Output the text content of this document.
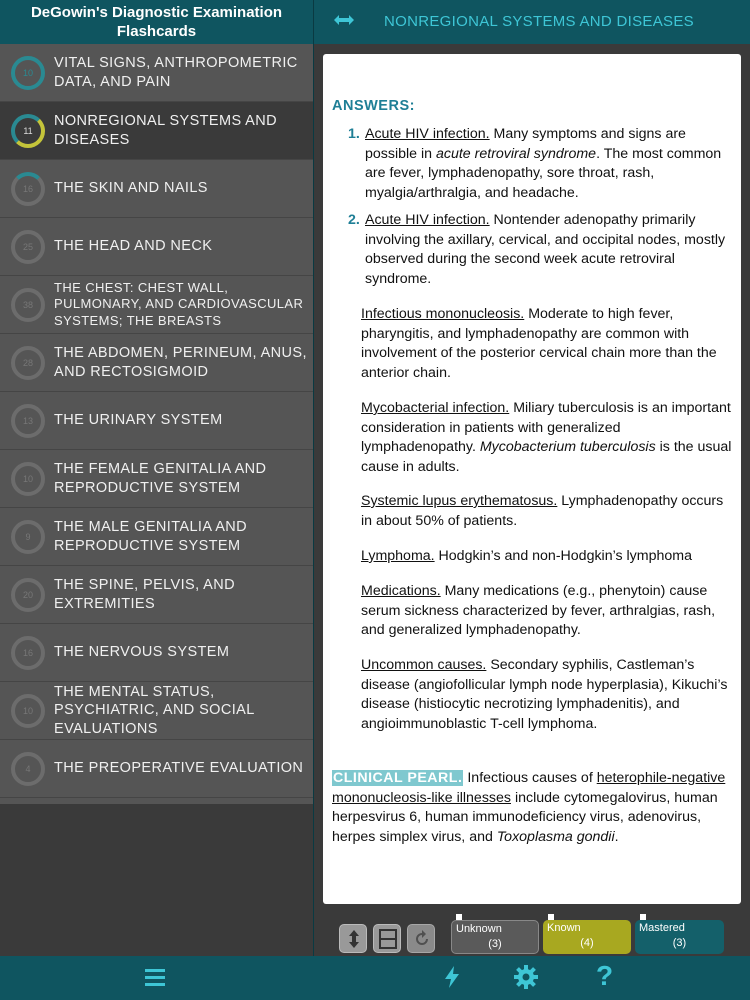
DeGowin's Diagnostic Examination Flashcards
NONREGIONAL SYSTEMS AND DISEASES
10
VITAL SIGNS, ANTHROPOMETRIC DATA, AND PAIN
11
NONREGIONAL SYSTEMS AND DISEASES
16 THE SKIN AND NAILS
25 THE HEAD AND NECK
38
THE CHEST: CHEST WALL, PULMONARY, AND CARDIOVASCULAR SYSTEMS; THE BREASTS
28
THE ABDOMEN, PERINEUM, ANUS, AND RECTOSIGMOID
13 THE URINARY SYSTEM
10
THE FEMALE GENITALIA AND REPRODUCTIVE SYSTEM
9
THE MALE GENITALIA AND REPRODUCTIVE SYSTEM
20
THE SPINE, PELVIS, AND EXTREMITIES
16 THE NERVOUS SYSTEM
10
THE MENTAL STATUS, PSYCHIATRIC, AND SOCIAL EVALUATIONS
4 THE PREOPERATIVE EVALUATION
ANSWERS:
1. Acute HIV infection. Many symptoms and signs are possible in acute retroviral syndrome. The most common are fever, lymphadenopathy, sore throat, rash, myalgia/arthralgia, and headache.
2. Acute HIV infection. Nontender adenopathy primarily involving the axillary, cervical, and occipital nodes, mostly observed during the second week acute retroviral syndrome.
Infectious mononucleosis. Moderate to high fever, pharyngitis, and lymphadenopathy are common with involvement of the posterior cervical chain more than the anterior chain.
Mycobacterial infection. Miliary tuberculosis is an important consideration in patients with generalized lymphadenopathy. Mycobacterium tuberculosis is the usual cause in adults.
Systemic lupus erythematosus. Lymphadenopathy occurs in about 50% of patients.
Lymphoma. Hodgkin’s and non-Hodgkin’s lymphoma
Medications. Many medications (e.g., phenytoin) cause serum sickness characterized by fever, arthralgias, rash, and generalized lymphadenopathy.
Uncommon causes. Secondary syphilis, Castleman’s disease (angiofollicular lymph node hyperplasia), Kikuchi’s disease (histiocytic necrotizing lymphadenitis), and angioimmunoblastic T-cell lymphoma.
CLINICAL PEARL. Infectious causes of heterophile-negative mononucleosis-like illnesses include cytomegalovirus, human herpesvirus 6, human immunodeficiency virus, adenovirus, herpes simplex virus, and Toxoplasma gondii.
Unknown
(3)
Known
(4)
Mastered
(3)
?
